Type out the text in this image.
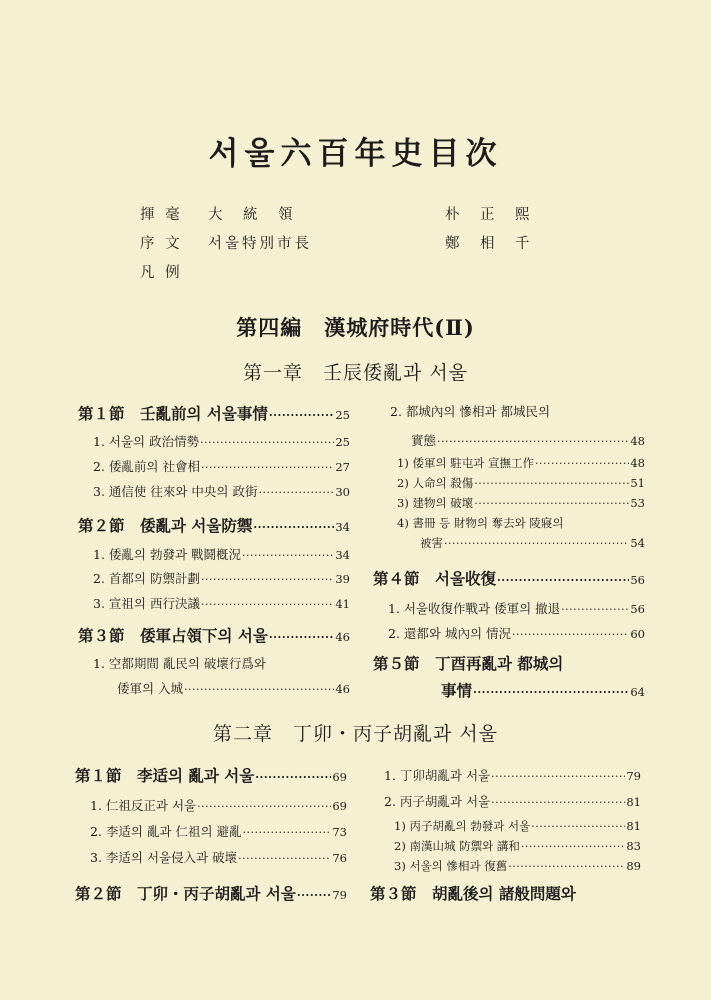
서울六百年史目次
揮 毫 大　統　領	朴　正　熙
序 文 서울特別市長	鄭　相　千
凡 例
第四編　漢城府時代(Ⅱ)
第一章　壬辰倭亂과 서울
第１節　壬亂前의 서울事情 ·····	25
1. 서울의 政治情勢 ·····	25
2. 倭亂前의 社會相 ·····	27
3. 通信使 往來와 中央의 政街 ·····	30
第２節　倭亂과 서울防禦 ·····	34
1. 倭亂의 勃發과 戰鬪槪況 ·····	34
2. 首都의 防禦計劃 ·····	39
3. 宣祖의 西行決議 ·····	41
第３節　倭軍占領下의 서울 ·····	46
1. 空都期間 亂民의 破壞行爲와
倭軍의 入城 ·····	46
2. 都城內의 慘相과 都城民의
實態 ·····	48
1) 倭軍의 駐屯과 宣撫工作 ·····	48
2) 人命의 殺傷 ·····	51
3) 建物의 破壞 ·····	53
4) 書冊 등 財物의 奪去와 陵寢의
被害 ·····	54
第４節　서울收復 ·····	56
1. 서울收復作戰과 倭軍의 撤退 ·····	56
2. 還都와 城內의 情況 ·····	60
第５節　丁酉再亂과 都城의
事情 ·····	64
第二章　丁卯・丙子胡亂과 서울
第１節　李适의 亂과 서울 ·····	69
1. 仁祖反正과 서울 ·····	69
2. 李适의 亂과 仁祖의 避亂 ·····	73
3. 李适의 서울侵入과 破壞 ·····	76
第２節　丁卯・丙子胡亂과 서울 ·····	79
1. 丁卯胡亂과 서울 ·····	79
2. 丙子胡亂과 서울 ·····	81
1) 丙子胡亂의 勃發과 서울 ·····	81
2) 南漢山城 防禦와 講和 ·····	83
3) 서울의 慘相과 復舊 ·····	89
第３節　胡亂後의 諸般問題와
